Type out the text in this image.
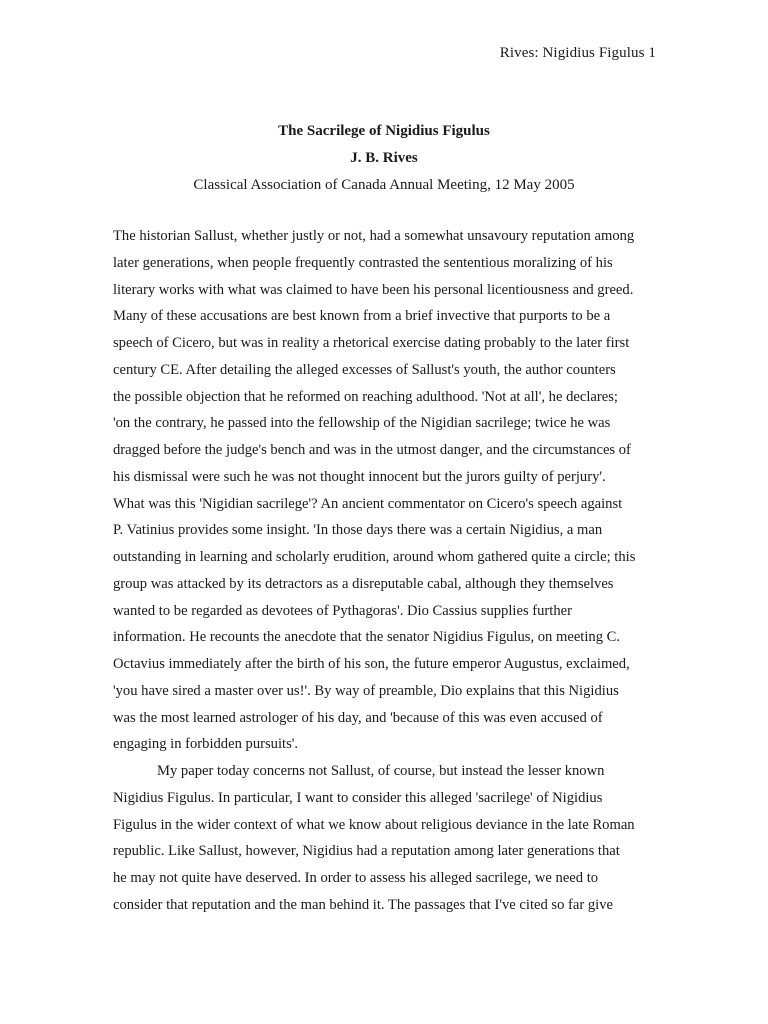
Rives: Nigidius Figulus 1
The Sacrilege of Nigidius Figulus
J. B. Rives
Classical Association of Canada Annual Meeting, 12 May 2005
The historian Sallust, whether justly or not, had a somewhat unsavoury reputation among
later generations, when people frequently contrasted the sententious moralizing of his
literary works with what was claimed to have been his personal licentiousness and greed.
Many of these accusations are best known from a brief invective that purports to be a
speech of Cicero, but was in reality a rhetorical exercise dating probably to the later first
century CE. After detailing the alleged excesses of Sallust's youth, the author counters
the possible objection that he reformed on reaching adulthood. 'Not at all', he declares;
'on the contrary, he passed into the fellowship of the Nigidian sacrilege; twice he was
dragged before the judge's bench and was in the utmost danger, and the circumstances of
his dismissal were such he was not thought innocent but the jurors guilty of perjury'.
What was this 'Nigidian sacrilege'? An ancient commentator on Cicero's speech against
P. Vatinius provides some insight. 'In those days there was a certain Nigidius, a man
outstanding in learning and scholarly erudition, around whom gathered quite a circle; this
group was attacked by its detractors as a disreputable cabal, although they themselves
wanted to be regarded as devotees of Pythagoras'. Dio Cassius supplies further
information. He recounts the anecdote that the senator Nigidius Figulus, on meeting C.
Octavius immediately after the birth of his son, the future emperor Augustus, exclaimed,
'you have sired a master over us!'. By way of preamble, Dio explains that this Nigidius
was the most learned astrologer of his day, and 'because of this was even accused of
engaging in forbidden pursuits'.
My paper today concerns not Sallust, of course, but instead the lesser known
Nigidius Figulus. In particular, I want to consider this alleged 'sacrilege' of Nigidius
Figulus in the wider context of what we know about religious deviance in the late Roman
republic. Like Sallust, however, Nigidius had a reputation among later generations that
he may not quite have deserved. In order to assess his alleged sacrilege, we need to
consider that reputation and the man behind it. The passages that I've cited so far give
